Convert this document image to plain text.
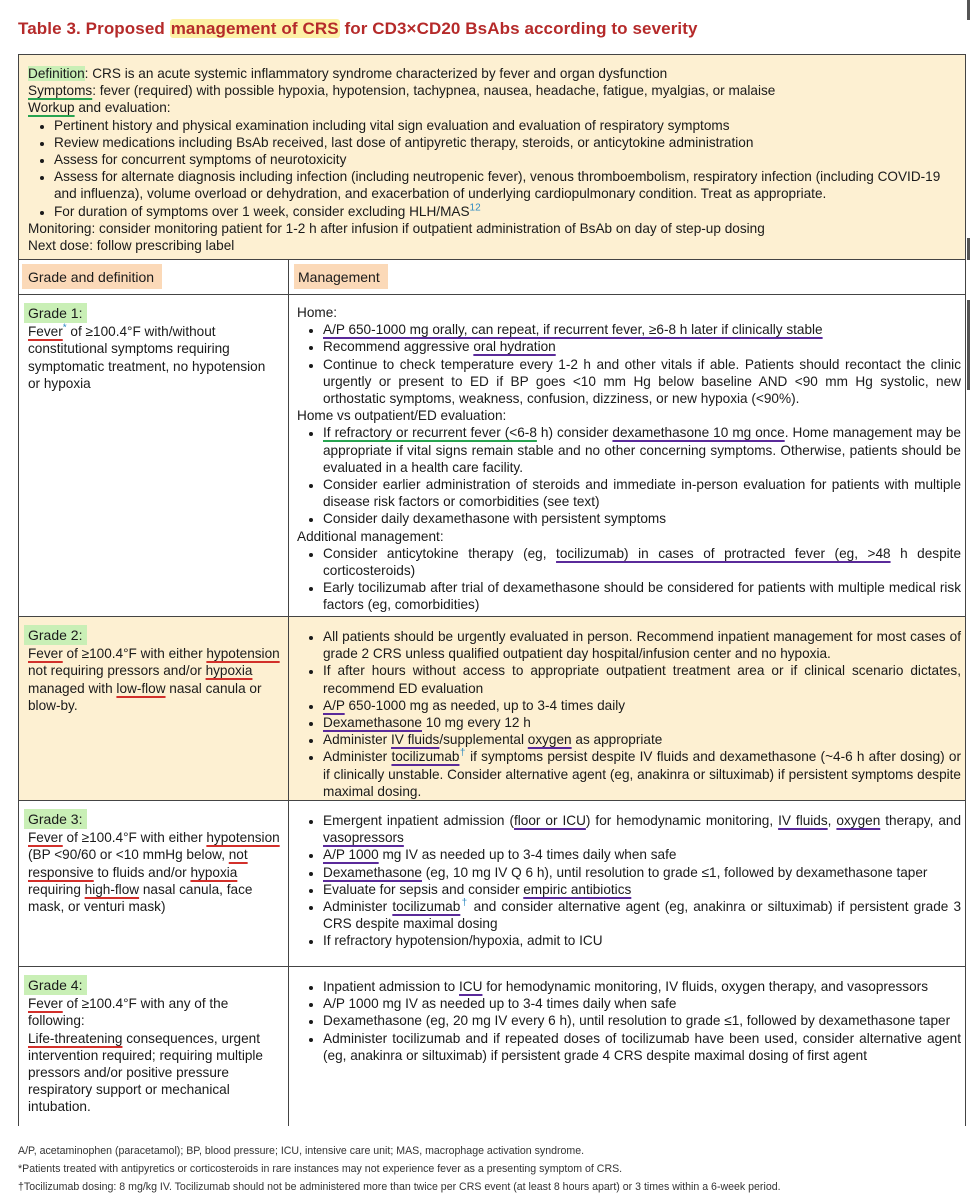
Table 3. Proposed management of CRS for CD3×CD20 BsAbs according to severity

Definition: CRS is an acute systemic inflammatory syndrome characterized by fever and organ dysfunction

Symptoms: fever (required) with possible hypoxia, hypotension, tachypnea, nausea, headache, fatigue, myalgias, or malaise

Workup and evaluation:

• Pertinent history and physical examination including vital sign evaluation and evaluation of respiratory symptoms
• Review medications including BsAb received, last dose of antipyretic therapy, steroids, or anticytokine administration
• Assess for concurrent symptoms of neurotoxicity
• Assess for alternate diagnosis including infection (including neutropenic fever), venous thromboembolism, respiratory infection (including COVID-19 and influenza), volume overload or dehydration, and exacerbation of underlying cardiopulmonary condition. Treat as appropriate.
• For duration of symptoms over 1 week, consider excluding HLH/MAS$^{12}$

Monitoring: consider monitoring patient for 1-2 h after infusion if outpatient administration of BsAb on day of step-up dosing

Next dose: follow prescribing label

Grade and definition	Management

Grade 1:

Fever* of ≥100.4°F with/without constitutional symptoms requiring symptomatic treatment, no hypotension or hypoxia

Home:

• A/P 650-1000 mg orally, can repeat, if recurrent fever, ≥6-8 h later if clinically stable
• Recommend aggressive oral hydration
• Continue to check temperature every 1-2 h and other vitals if able. Patients should recontact the clinic urgently or present to ED if BP goes <10 mm Hg below baseline AND <90 mm Hg systolic, new orthostatic symptoms, weakness, confusion, dizziness, or new hypoxia (<90%).

Home vs outpatient/ED evaluation:

• If refractory or recurrent fever (<6-8 h) consider dexamethasone 10 mg once. Home management may be appropriate if vital signs remain stable and no other concerning symptoms. Otherwise, patients should be evaluated in a health care facility.
• Consider earlier administration of steroids and immediate in-person evaluation for patients with multiple disease risk factors or comorbidities (see text)
• Consider daily dexamethasone with persistent symptoms

Additional management:

• Consider anticytokine therapy (eg, tocilizumab) in cases of protracted fever (eg, >48 h despite corticosteroids)
• Early tocilizumab after trial of dexamethasone should be considered for patients with multiple medical risk factors (eg, comorbidities)

Grade 2:

Fever of ≥100.4°F with either hypotension not requiring pressors and/or hypoxia managed with low-flow nasal canula or blow-by.

• All patients should be urgently evaluated in person. Recommend inpatient management for most cases of grade 2 CRS unless qualified outpatient day hospital/infusion center and no hypoxia.
• If after hours without access to appropriate outpatient treatment area or if clinical scenario dictates, recommend ED evaluation
• A/P 650-1000 mg as needed, up to 3-4 times daily
• Dexamethasone 10 mg every 12 h
• Administer IV fluids/supplemental oxygen as appropriate
• Administer tocilizumab† if symptoms persist despite IV fluids and dexamethasone (~4-6 h after dosing) or if clinically unstable. Consider alternative agent (eg, anakinra or siltuximab) if persistent symptoms despite maximal dosing.

Grade 3:

Fever of ≥100.4°F with either hypotension (BP <90/60 or <10 mmHg below, not responsive to fluids and/or hypoxia requiring high-flow nasal canula, face mask, or venturi mask)

• Emergent inpatient admission (floor or ICU) for hemodynamic monitoring, IV fluids, oxygen therapy, and vasopressors
• A/P 1000 mg IV as needed up to 3-4 times daily when safe
• Dexamethasone (eg, 10 mg IV Q 6 h), until resolution to grade ≤1, followed by dexamethasone taper
• Evaluate for sepsis and consider empiric antibiotics
• Administer tocilizumab† and consider alternative agent (eg, anakinra or siltuximab) if persistent grade 3 CRS despite maximal dosing
• If refractory hypotension/hypoxia, admit to ICU

Grade 4:

Fever of ≥100.4°F with any of the following:

Life-threatening consequences, urgent intervention required; requiring multiple pressors and/or positive pressure respiratory support or mechanical intubation.

• Inpatient admission to ICU for hemodynamic monitoring, IV fluids, oxygen therapy, and vasopressors
• A/P 1000 mg IV as needed up to 3-4 times daily when safe
• Dexamethasone (eg, 20 mg IV every 6 h), until resolution to grade ≤1, followed by dexamethasone taper
• Administer tocilizumab and if repeated doses of tocilizumab have been used, consider alternative agent (eg, anakinra or siltuximab) if persistent grade 4 CRS despite maximal dosing of first agent
A/P, acetaminophen (paracetamol); BP, blood pressure; ICU, intensive care unit; MAS, macrophage activation syndrome.
*Patients treated with antipyretics or corticosteroids in rare instances may not experience fever as a presenting symptom of CRS.
†Tocilizumab dosing: 8 mg/kg IV. Tocilizumab should not be administered more than twice per CRS event (at least 8 hours apart) or 3 times within a 6-week period.
